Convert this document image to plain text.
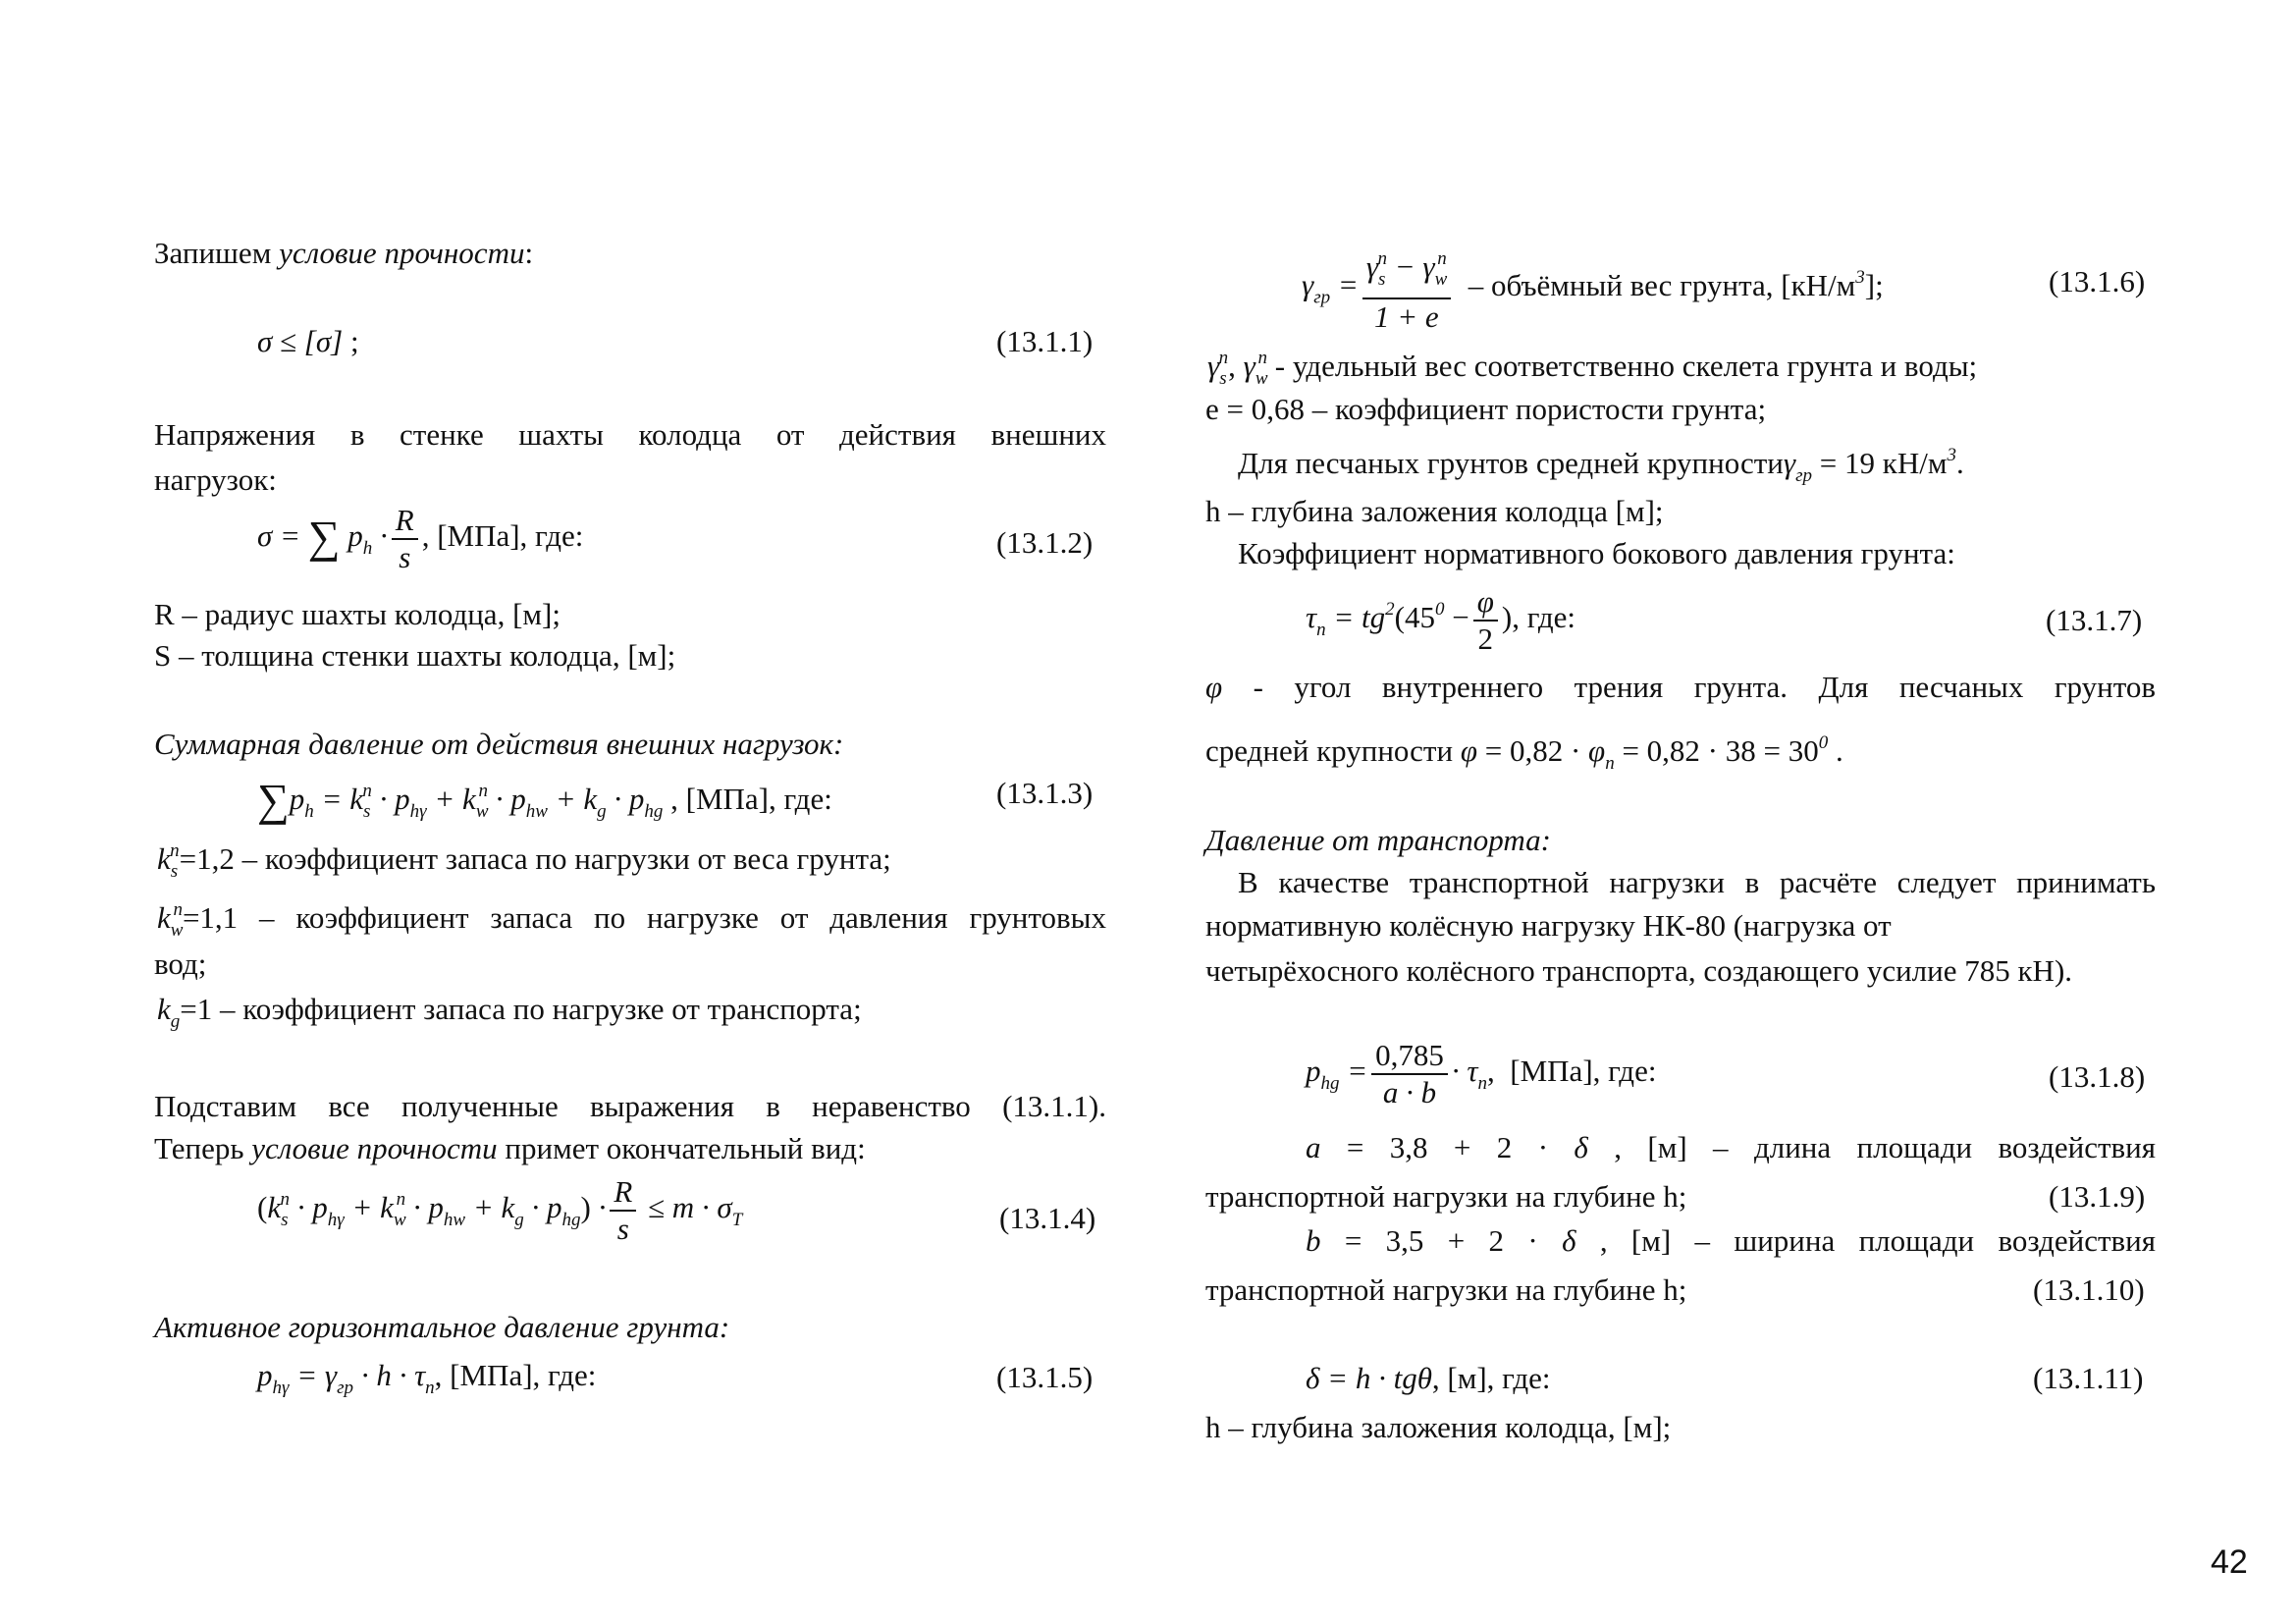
Запишем условие прочности:
σ ≤ [σ] ;	(13.1.1)
Напряжения в стенке шахты колодца от действия внешних
нагрузок:
σ = ∑ $p_h \cdot \frac{R}{s}$ , [МПа], где:	(13.1.2)
R – радиус шахты колодца, [м];
S – толщина стенки шахты колодца, [м];
Суммарная давление от действия внешних нагрузок:
$\sum p_h = k_s^n \cdot p_{h\gamma} + k_w^n \cdot p_{hw} + k_g \cdot p_{hg}$ , [МПа], где:	(13.1.3)
$k_s^n=1,2$ – коэффициент запаса по нагрузки от веса грунта;
$k_w^n=1,1$ – коэффициент запаса по нагрузке от давления грунтовых
вод;
$k_g=1$ – коэффициент запаса по нагрузке от транспорта;
Подставим все полученные выражения в неравенство (13.1.1).
Теперь условие прочности примет окончательный вид:
$(k_s^n \cdot p_{h\gamma} + k_w^n \cdot p_{hw} + k_g \cdot p_{hg}) \cdot \frac{R}{s} \le m \cdot \sigma_T$	(13.1.4)
Активное горизонтальное давление грунта:
$p_{h\gamma} = \gamma_{гр} \cdot h \cdot \tau_n$, [МПа], где:	(13.1.5)
$\gamma_{гр} = \frac{\gamma_s^n - \gamma_w^n}{1 + e}$ – объёмный вес грунта, $[кН/м^3]$;	(13.1.6)
$\gamma_s^n$, $\gamma_w^n$ - удельный вес соответственно скелета грунта и воды;
e = 0,68 – коэффициент пористости грунта;
Для песчаных грунтов средней крупностиγ$_{гр}$ = 19 $кН/м^3$.
h – глубина заложения колодца [м];
Коэффициент нормативного бокового давления грунта:
$\tau_n = tg^2(45^0 - \frac{\varphi}{2}$ ), где:	(13.1.7)
φ - угол внутреннего трения грунта. Для песчаных грунтов
средней крупности $\varphi = 0,82 \cdot \varphi_n = 0,82 \cdot 38 = 30^0$ .
Давление от транспорта:
В качестве транспортной нагрузки в расчёте следует принимать
нормативную колёсную нагрузку НК-80 (нагрузка от
четырёхосного колёсного транспорта, создающего усилие 785 кН).
$p_{hg} = \frac{0,785}{a \cdot b} \cdot \tau_n$,  [МПа], где:	(13.1.8)
a = 3,8 + 2 · δ , [м] – длина площади воздействия
транспортной нагрузки на глубине h;	(13.1.9)
b = 3,5 + 2 · δ , [м] – ширина площади воздействия
транспортной нагрузки на глубине h;	(13.1.10)
δ = h · tgθ, [м], где:	(13.1.11)
h – глубина заложения колодца, [м];
42
